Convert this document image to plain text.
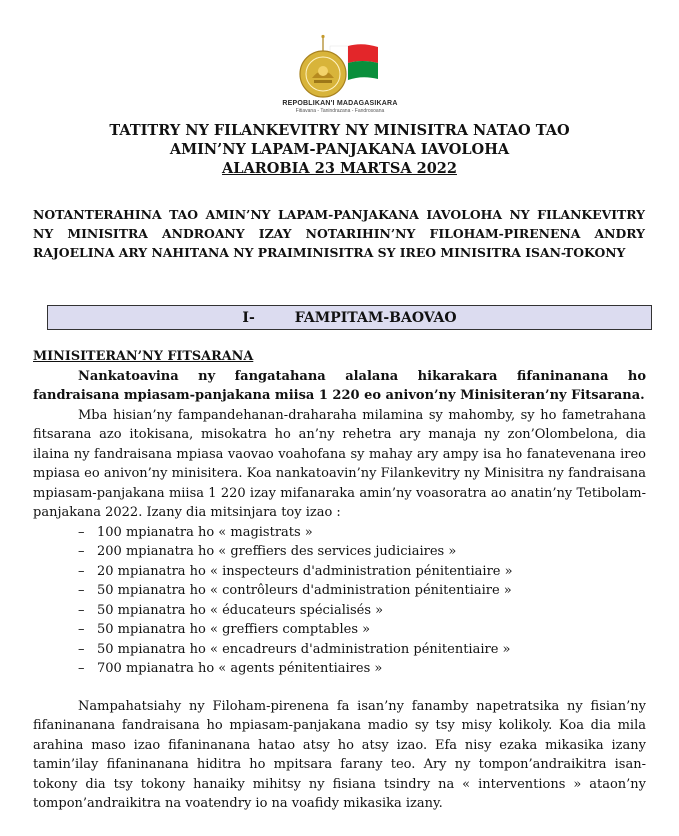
REPOBLIKAN'I MADAGASIKARA
Fitiavana - Tanindrazana - Fandrosoana
TATITRY NY FILANKEVITRY NY MINISITRA NATAO TAO
AMIN’NY LAPAM-PANJAKANA IAVOLOHA
ALAROBIA 23 MARTSA 2022
NOTANTERAHINA TAO AMIN’NY LAPAM-PANJAKANA IAVOLOHA NY FILANKEVITRY NY MINISITRA ANDROANY IZAY NOTARIHIN’NY FILOHAM-PIRENENA ANDRY RAJOELINA ARY NAHITANA NY PRAIMINISITRA SY IREO MINISITRA ISAN-TOKONY
I-	FAMPITAM-BAOVAO
MINISITERAN’NY FITSARANA

Nankatoavina ny fangatahana alalana hikarakara fifaninanana ho fandraisana mpiasam-panjakana miisa 1 220 eo anivon’ny Minisiteran’ny Fitsarana.

Mba hisian’ny fampandehanan-draharaha milamina sy mahomby, sy ho fametrahana fitsarana azo itokisana, misokatra ho an’ny rehetra ary manaja ny zon’Olombelona, dia ilaina ny fandraisana mpiasa vaovao voahofana sy mahay ary ampy isa ho fanatevenana ireo mpiasa eo anivon’ny minisitera. Koa nankatoavin’ny Filankevitry ny Minisitra ny fandraisana mpiasam-panjakana miisa 1 220 izay mifanaraka amin’ny voasoratra ao anatin’ny Tetibolam-panjakana 2022. Izany dia mitsinjara toy izao :

– 100 mpianatra ho « magistrats »
– 200 mpianatra ho « greffiers des services judiciaires »
– 20 mpianatra ho « inspecteurs d'administration pénitentiaire »
– 50 mpianatra ho « contrôleurs d'administration pénitentiaire »
– 50 mpianatra ho « éducateurs spécialisés »
– 50 mpianatra ho « greffiers comptables »
– 50 mpianatra ho « encadreurs d'administration pénitentiaire »
– 700 mpianatra ho « agents pénitentiaires »

Nampahatsiahy ny Filoham-pirenena fa isan’ny fanamby napetratsika ny fisian’ny fifaninanana fandraisana ho mpiasam-panjakana madio sy tsy misy kolikoly. Koa dia mila arahina maso izao fifaninanana hatao atsy ho atsy izao. Efa nisy ezaka mikasika izany tamin’ilay fifaninanana hiditra ho mpitsara farany teo. Ary ny tompon’andraikitra isan-tokony dia tsy tokony hanaiky mihitsy ny fisiana tsindry na « interventions » ataon’ny tompon’andraikitra na voatendry io na voafidy mikasika izany.
